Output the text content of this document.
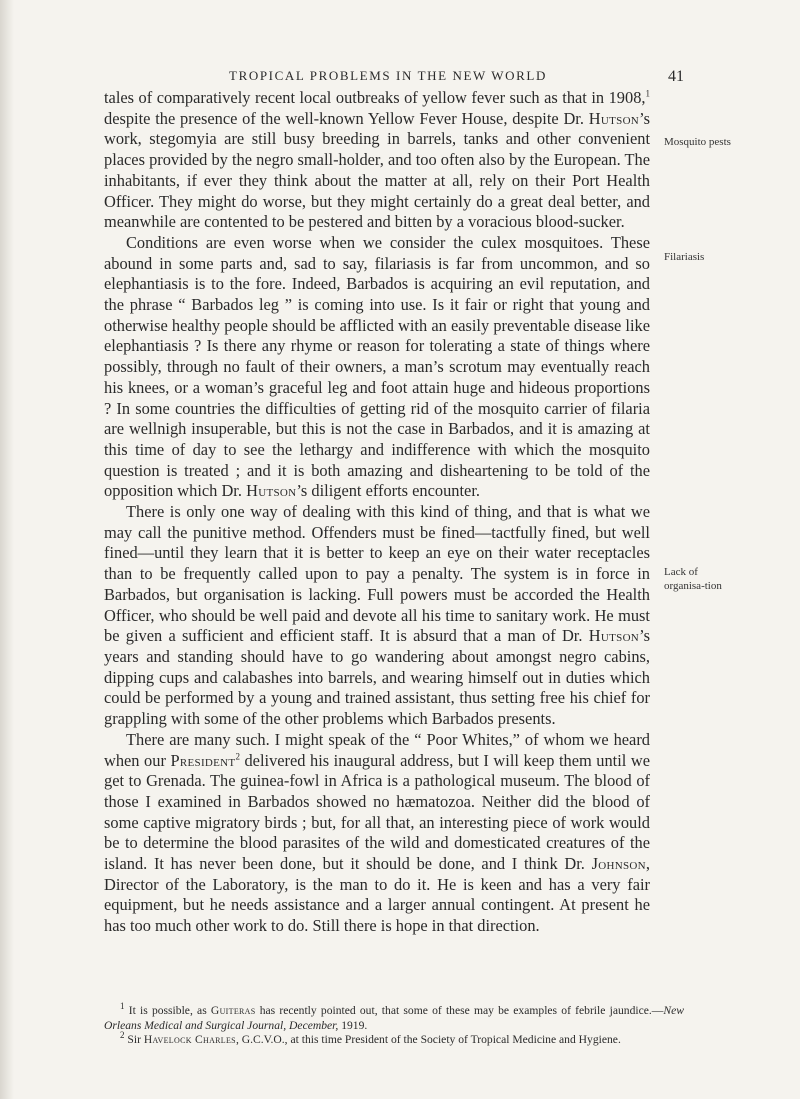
TROPICAL PROBLEMS IN THE NEW WORLD	41
Mosquito pests
Filariasis
Lack of organisa-tion

tales of comparatively recent local outbreaks of yellow fever such as that in 1908,$^1$ despite the presence of the well-known Yellow Fever House, despite Dr. Hutson’s work, stegomyia are still busy breeding in barrels, tanks and other convenient places provided by the negro small-holder, and too often also by the European. The inhabitants, if ever they think about the matter at all, rely on their Port Health Officer. They might do worse, but they might certainly do a great deal better, and meanwhile are contented to be pestered and bitten by a voracious blood-sucker.

Conditions are even worse when we consider the culex mosquitoes. These abound in some parts and, sad to say, filariasis is far from uncommon, and so elephantiasis is to the fore. Indeed, Barbados is acquiring an evil reputation, and the phrase “ Barbados leg ” is coming into use. Is it fair or right that young and otherwise healthy people should be afflicted with an easily preventable disease like elephantiasis ? Is there any rhyme or reason for tolerating a state of things where possibly, through no fault of their owners, a man’s scrotum may eventually reach his knees, or a woman’s graceful leg and foot attain huge and hideous proportions ? In some countries the difficulties of getting rid of the mosquito carrier of filaria are wellnigh insuperable, but this is not the case in Barbados, and it is amazing at this time of day to see the lethargy and indifference with which the mosquito question is treated ; and it is both amazing and disheartening to be told of the opposition which Dr. Hutson’s diligent efforts encounter.

There is only one way of dealing with this kind of thing, and that is what we may call the punitive method. Offenders must be fined—tactfully fined, but well fined—until they learn that it is better to keep an eye on their water receptacles than to be frequently called upon to pay a penalty. The system is in force in Barbados, but organisation is lacking. Full powers must be accorded the Health Officer, who should be well paid and devote all his time to sanitary work. He must be given a sufficient and efficient staff. It is absurd that a man of Dr. Hutson’s years and standing should have to go wandering about amongst negro cabins, dipping cups and calabashes into barrels, and wearing himself out in duties which could be performed by a young and trained assistant, thus setting free his chief for grappling with some of the other problems which Barbados presents.

There are many such. I might speak of the “ Poor Whites,” of whom we heard when our President$^2$ delivered his inaugural address, but I will keep them until we get to Grenada. The guinea-fowl in Africa is a pathological museum. The blood of those I examined in Barbados showed no hæmatozoa. Neither did the blood of some captive migratory birds ; but, for all that, an interesting piece of work would be to determine the blood parasites of the wild and domesticated creatures of the island. It has never been done, but it should be done, and I think Dr. Johnson, Director of the Laboratory, is the man to do it. He is keen and has a very fair equipment, but he needs assistance and a larger annual contingent. At present he has too much other work to do. Still there is hope in that direction.

$^1$ It is possible, as Guiteras has recently pointed out, that some of these may be examples of febrile jaundice.—New Orleans Medical and Surgical Journal, December, 1919.

$^2$ Sir Havelock Charles, G.C.V.O., at this time President of the Society of Tropical Medicine and Hygiene.
